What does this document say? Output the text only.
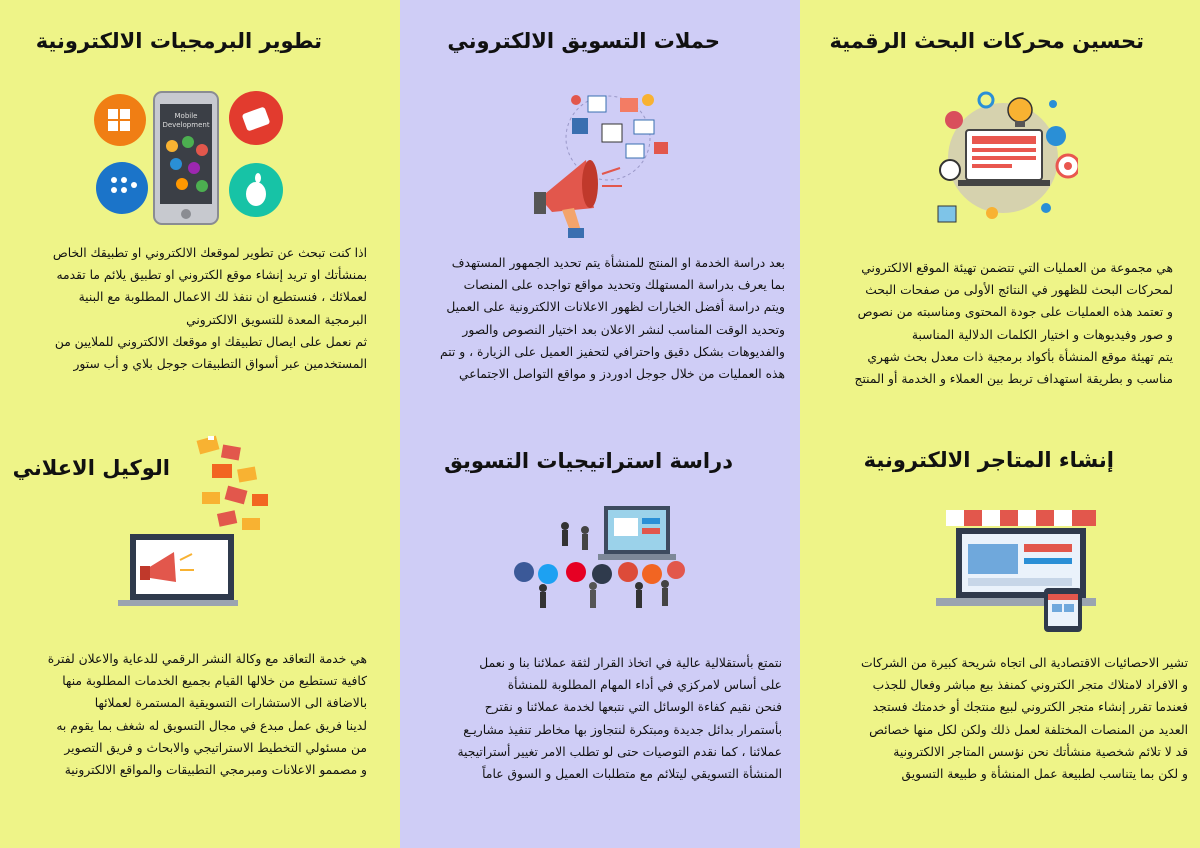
تحسين محركات البحث الرقمية
هي مجموعة من العمليات التي تتضمن تهيئة الموقع الالكتروني
لمحركات البحث للظهور في النتائج الأولى من صفحات البحث
و تعتمد هذه العمليات على جودة المحتوى ومناسبته من نصوص
و صور وفيديوهات و اختيار الكلمات الدلالية المناسبة
يتم تهيئة موقع المنشأة بأكواد برمجية ذات معدل بحث شهري
مناسب و بطريقة استهداف تربط بين العملاء و الخدمة أو المنتج
حملات التسويق الالكتروني
بعد دراسة الخدمة او المنتج للمنشأة يتم تحديد الجمهور المستهدف
بما يعرف بدراسة المستهلك وتحديد مواقع تواجده على المنصات
ويتم دراسة أفضل الخيارات لظهور الاعلانات الالكترونية على العميل
وتحديد الوقت المناسب لنشر الاعلان بعد اختيار النصوص والصور
والفديوهات بشكل دقيق واحترافي لتحفيز العميل على الزيارة ، و تتم
هذه العمليات من خلال جوجل ادوردز و مواقع التواصل الاجتماعي
تطوير البرمجيات الالكترونية
Mobile
Development
اذا كنت تبحث عن تطوير لموقعك الالكتروني او تطبيقك الخاص
بمنشأتك او تريد إنشاء موقع الكتروني او تطبيق يلائم ما تقدمه
لعملائك ، فنستطيع ان ننفذ لك الاعمال المطلوبة مع البنية
البرمجية المعدة للتسويق الالكتروني
ثم نعمل على ايصال تطبيقك او موقعك الالكتروني للملايين من
المستخدمين عبر أسواق التطبيقات جوجل بلاي و أب ستور
إنشاء المتاجر الالكترونية
تشير الاحصائيات الاقتصادية الى اتجاه شريحة كبيرة من الشركات
و الافراد لامتلاك متجر الكتروني كمنفذ بيع مباشر وفعال للجذب
فعندما تقرر إنشاء متجر الكتروني لبيع منتجك أو خدمتك فستجد
العديد من المنصات المختلفة لعمل ذلك ولكن لكل منها خصائص
قد لا تلائم شخصية منشأتك نحن نؤسس المتاجر الالكترونية
و لكن بما يتناسب لطبيعة عمل المنشأة و طبيعة التسويق
دراسة استراتيجيات التسويق
نتمتع بأستقلالية عالية في اتخاذ القرار لثقة عملائنا بنا و نعمل
على أساس لامركزي في أداء المهام المطلوبة للمنشأة
فنحن نقيم كفاءة الوسائل التي نتبعها لخدمة عملائنا و نقترح
بأستمرار بدائل جديدة ومبتكرة لنتجاوز بها مخاطر تنفيذ مشاريـع
عملائنا ، كما نقدم التوصيات حتى لو تطلب الامر تغيير أستراتيجية
المنشأة التسويقي ليتلائم مع متطلبات العميل و السوق عاماً
الوكيل الاعلاني
هي خدمة التعاقد مع وكالة النشر الرقمي للدعاية والاعلان لفترة
كافية تستطيع من خلالها القيام بجميع الخدمات المطلوبة منها
بالاضافة الى الاستشارات التسويقية المستمرة لعملائها
لدينا فريق عمل مبدع في مجال التسويق له شغف بما يقوم به
من مسئولي التخطيط الاستراتيجي والابحاث و فريق التصوير
و مصممو الاعلانات ومبرمجي التطبيقات والمواقع الالكترونية
